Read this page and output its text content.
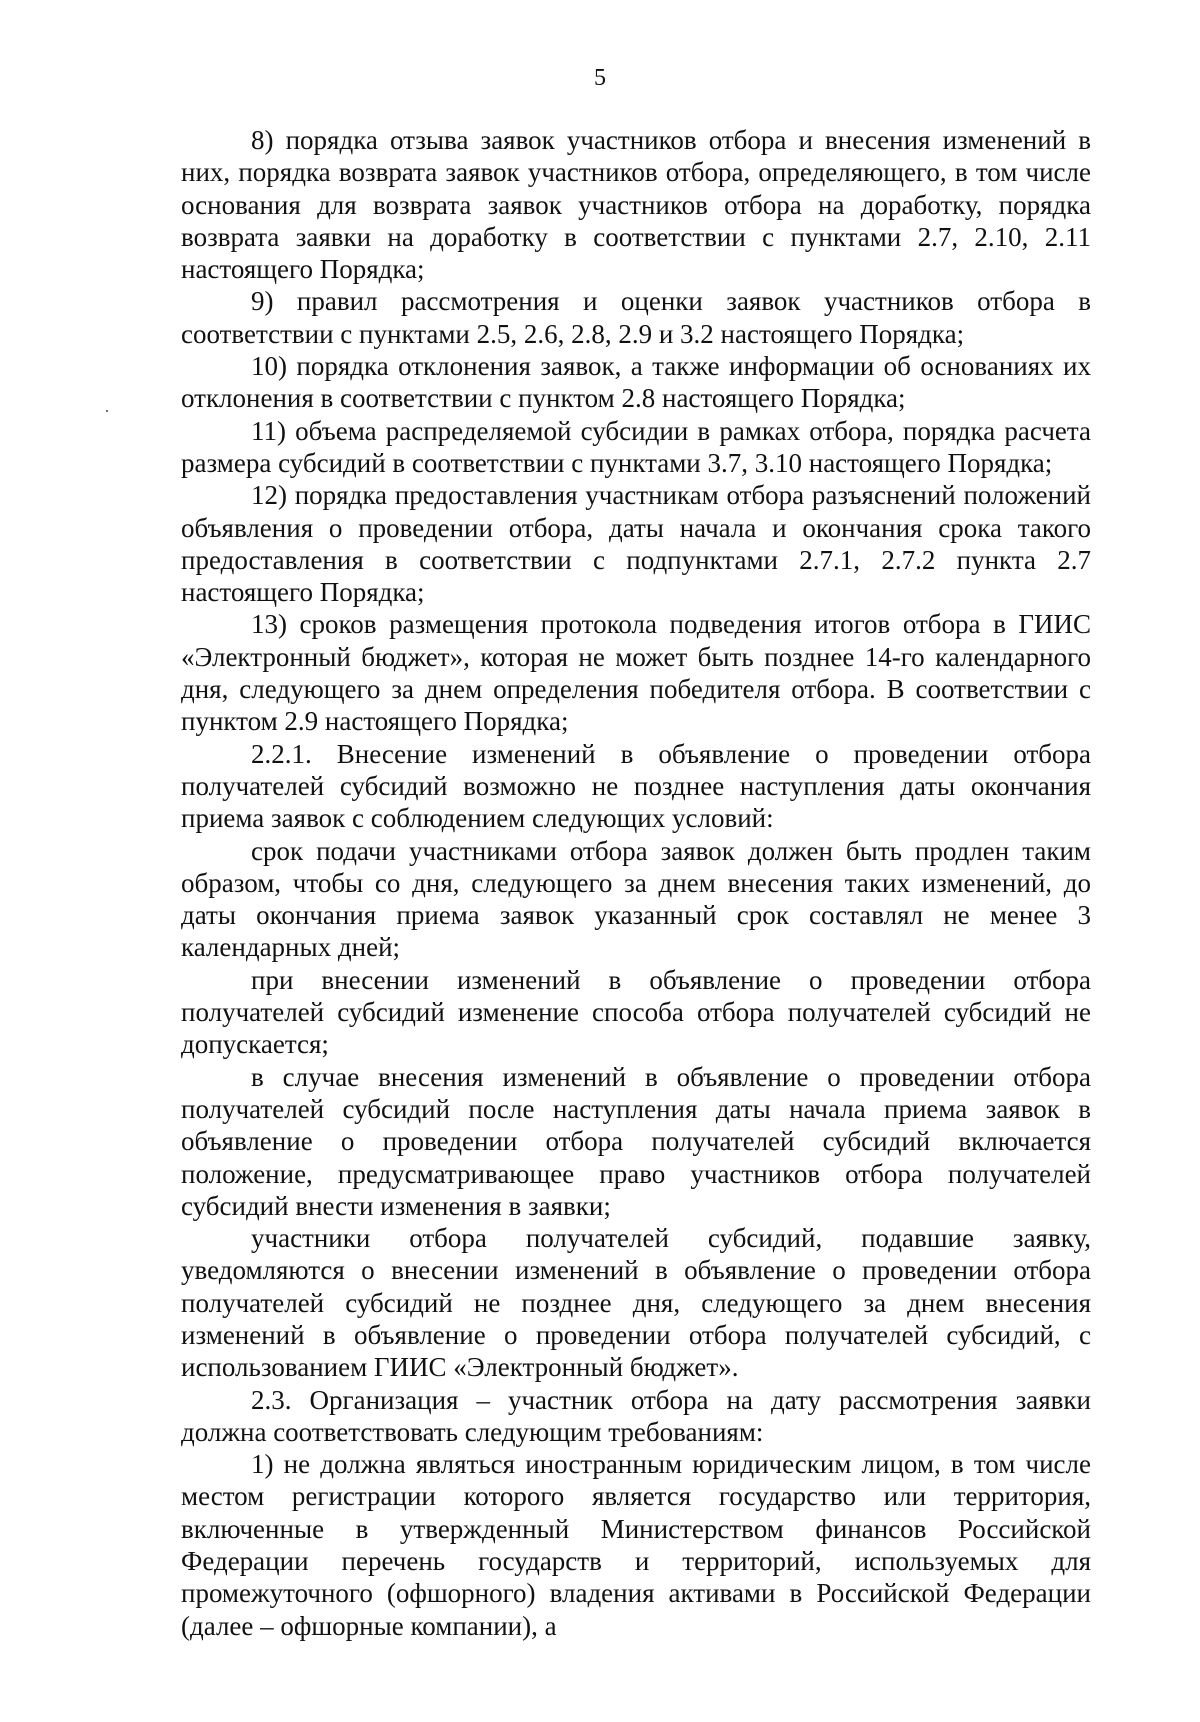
5

8) порядка отзыва заявок участников отбора и внесения изменений в них, порядка возврата заявок участников отбора, определяющего, в том числе основания для возврата заявок участников отбора на доработку, порядка возврата заявки на доработку в соответствии с пунктами 2.7, 2.10, 2.11 настоящего Порядка;

9) правил рассмотрения и оценки заявок участников отбора в соответствии с пунктами 2.5, 2.6, 2.8, 2.9 и 3.2 настоящего Порядка;

10) порядка отклонения заявок, а также информации об основаниях их отклонения в соответствии с пунктом 2.8 настоящего Порядка;

11) объема распределяемой субсидии в рамках отбора, порядка расчета размера субсидий в соответствии с пунктами 3.7, 3.10 настоящего Порядка;

12) порядка предоставления участникам отбора разъяснений положений объявления о проведении отбора, даты начала и окончания срока такого предоставления в соответствии с подпунктами 2.7.1, 2.7.2 пункта 2.7 настоящего Порядка;

13) сроков размещения протокола подведения итогов отбора в ГИИС «Электронный бюджет», которая не может быть позднее 14-го календарного дня, следующего за днем определения победителя отбора. В соответствии с пунктом 2.9 настоящего Порядка;

2.2.1. Внесение изменений в объявление о проведении отбора получателей субсидий возможно не позднее наступления даты окончания приема заявок с соблюдением следующих условий:

срок подачи участниками отбора заявок должен быть продлен таким образом, чтобы со дня, следующего за днем внесения таких изменений, до даты окончания приема заявок указанный срок составлял не менее 3 календарных дней;

при внесении изменений в объявление о проведении отбора получателей субсидий изменение способа отбора получателей субсидий не допускается;

в случае внесения изменений в объявление о проведении отбора получателей субсидий после наступления даты начала приема заявок в объявление о проведении отбора получателей субсидий включается положение, предусматривающее право участников отбора получателей субсидий внести изменения в заявки;

участники отбора получателей субсидий, подавшие заявку, уведомляются о внесении изменений в объявление о проведении отбора получателей субсидий не позднее дня, следующего за днем внесения изменений в объявление о проведении отбора получателей субсидий, с использованием ГИИС «Электронный бюджет».

2.3. Организация – участник отбора на дату рассмотрения заявки должна соответствовать следующим требованиям:

1) не должна являться иностранным юридическим лицом, в том числе местом регистрации которого является государство или территория, включенные в утвержденный Министерством финансов Российской Федерации перечень государств и территорий, используемых для промежуточного (офшорного) владения активами в Российской Федерации (далее – офшорные компании), а
